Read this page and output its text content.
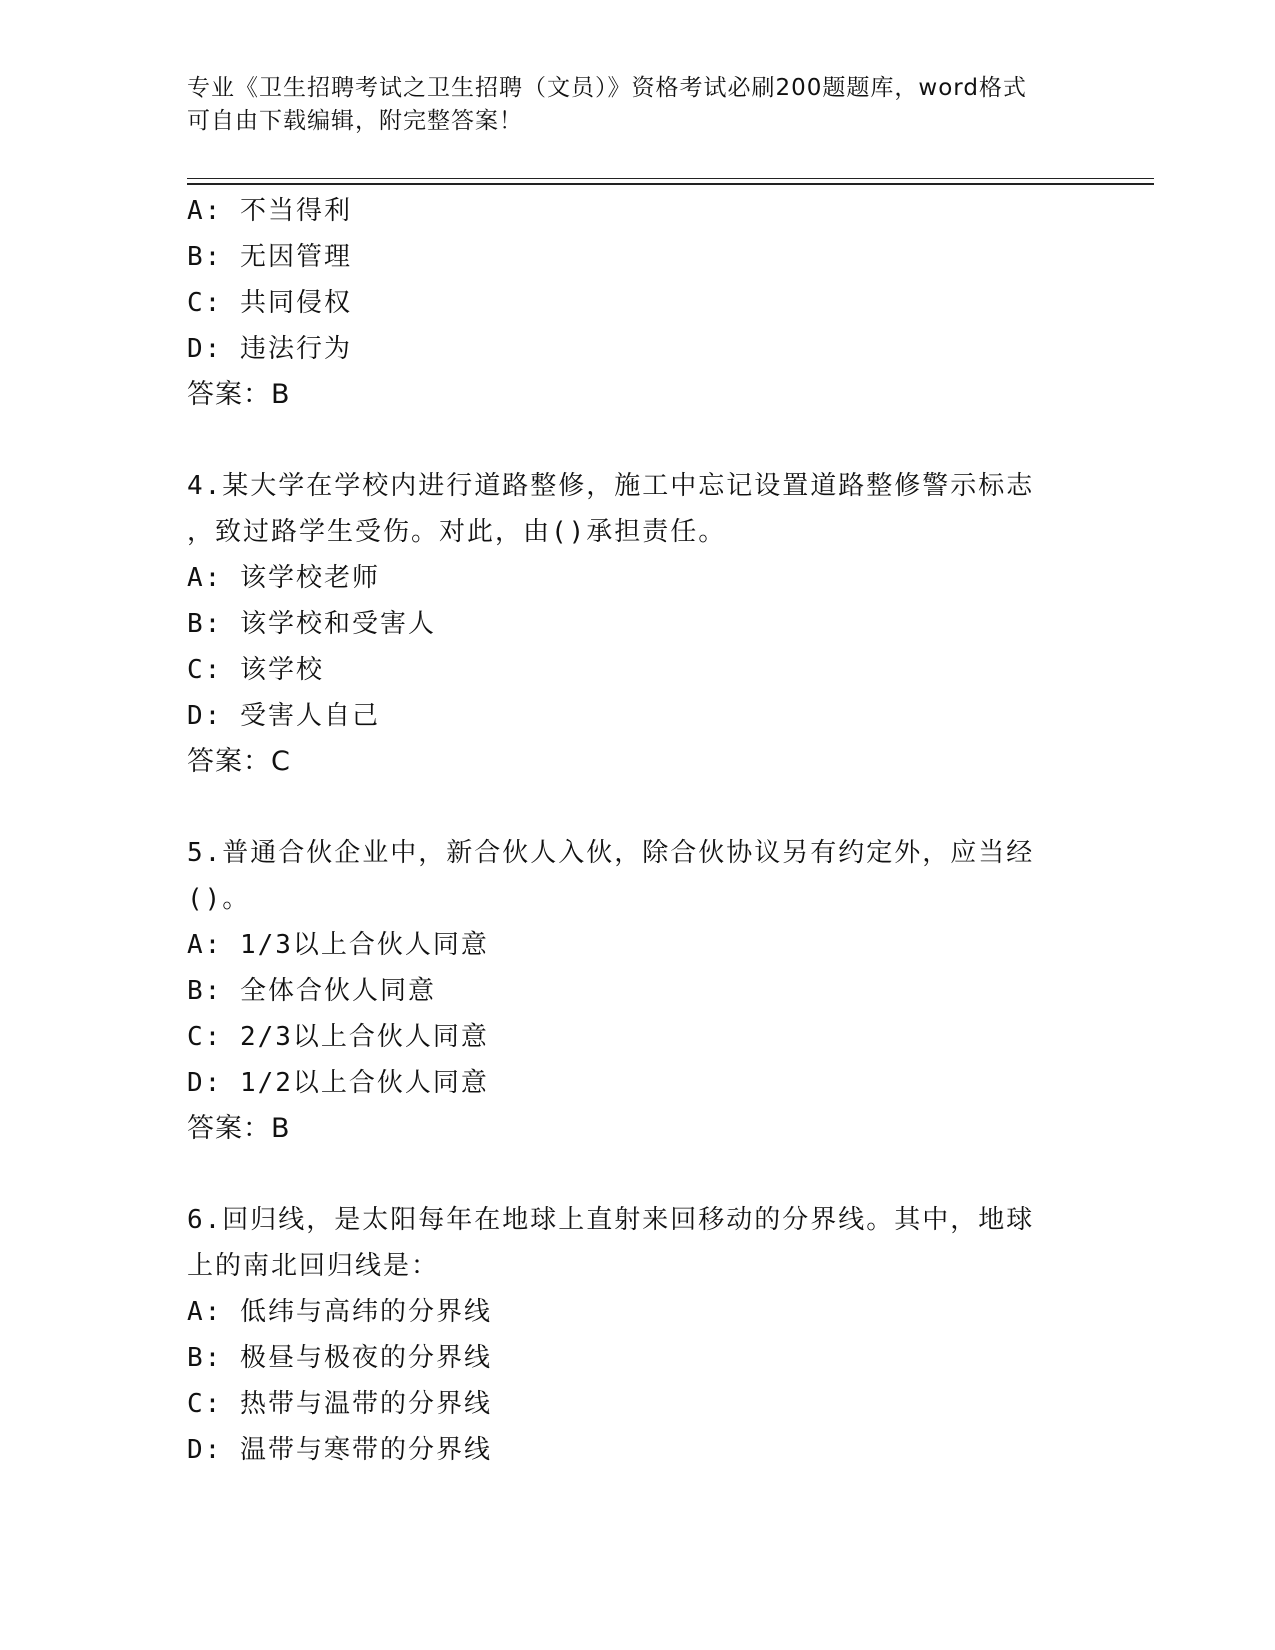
专业《卫生招聘考试之卫生招聘（文员）》资格考试必刷200题题库，word格式
可自由下载编辑，附完整答案！
A: 不当得利
B: 无因管理
C: 共同侵权
D: 违法行为
答案：B
4.某大学在学校内进行道路整修，施工中忘记设置道路整修警示标志
，致过路学生受伤。对此，由()承担责任。
A: 该学校老师
B: 该学校和受害人
C: 该学校
D: 受害人自己
答案：C
5.普通合伙企业中，新合伙人入伙，除合伙协议另有约定外，应当经
()。
A: 1/3以上合伙人同意
B: 全体合伙人同意
C: 2/3以上合伙人同意
D: 1/2以上合伙人同意
答案：B
6.回归线，是太阳每年在地球上直射来回移动的分界线。其中，地球
上的南北回归线是：
A: 低纬与高纬的分界线
B: 极昼与极夜的分界线
C: 热带与温带的分界线
D: 温带与寒带的分界线
